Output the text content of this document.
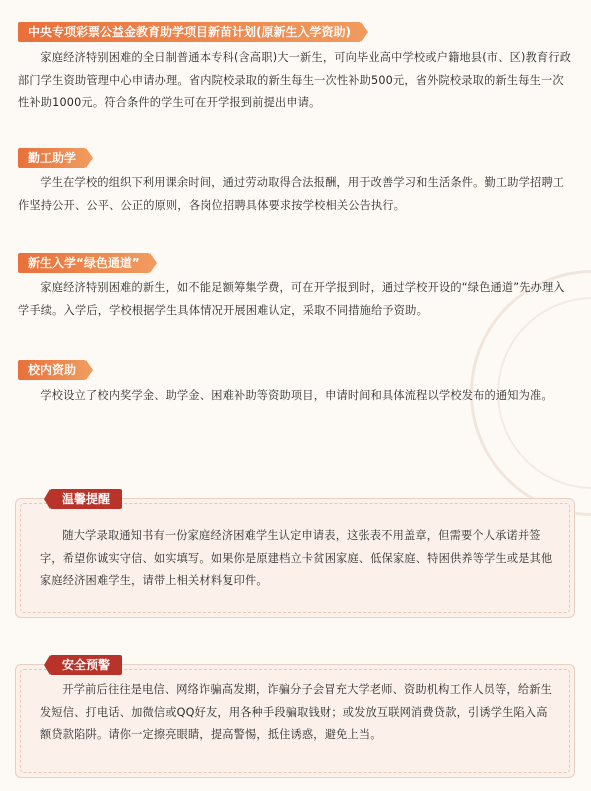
中央专项彩票公益金教育助学项目新苗计划(原新生入学资助)
家庭经济特别困难的全日制普通本专科(含高职)大一新生，可向毕业高中学校或户籍地县(市、区)教育行政部门学生资助管理中心申请办理。省内院校录取的新生每生一次性补助500元，省外院校录取的新生每生一次性补助1000元。符合条件的学生可在开学报到前提出申请。
勤工助学
学生在学校的组织下利用课余时间，通过劳动取得合法报酬，用于改善学习和生活条件。勤工助学招聘工作坚持公开、公平、公正的原则，各岗位招聘具体要求按学校相关公告执行。
新生入学“绿色通道”
家庭经济特别困难的新生，如不能足额筹集学费，可在开学报到时，通过学校开设的“绿色通道”先办理入学手续。入学后，学校根据学生具体情况开展困难认定，采取不同措施给予资助。
校内资助
学校设立了校内奖学金、助学金、困难补助等资助项目，申请时间和具体流程以学校发布的通知为准。
温馨提醒
随大学录取通知书有一份家庭经济困难学生认定申请表，这张表不用盖章，但需要个人承诺并签字，希望你诚实守信、如实填写。如果你是原建档立卡贫困家庭、低保家庭、特困供养等学生或是其他家庭经济困难学生，请带上相关材料复印件。
安全预警
开学前后往往是电信、网络诈骗高发期，诈骗分子会冒充大学老师、资助机构工作人员等，给新生发短信、打电话、加微信或QQ好友，用各种手段骗取钱财；或发放互联网消费贷款，引诱学生陷入高额贷款陷阱。请你一定擦亮眼睛，提高警惕，抵住诱惑，避免上当。
